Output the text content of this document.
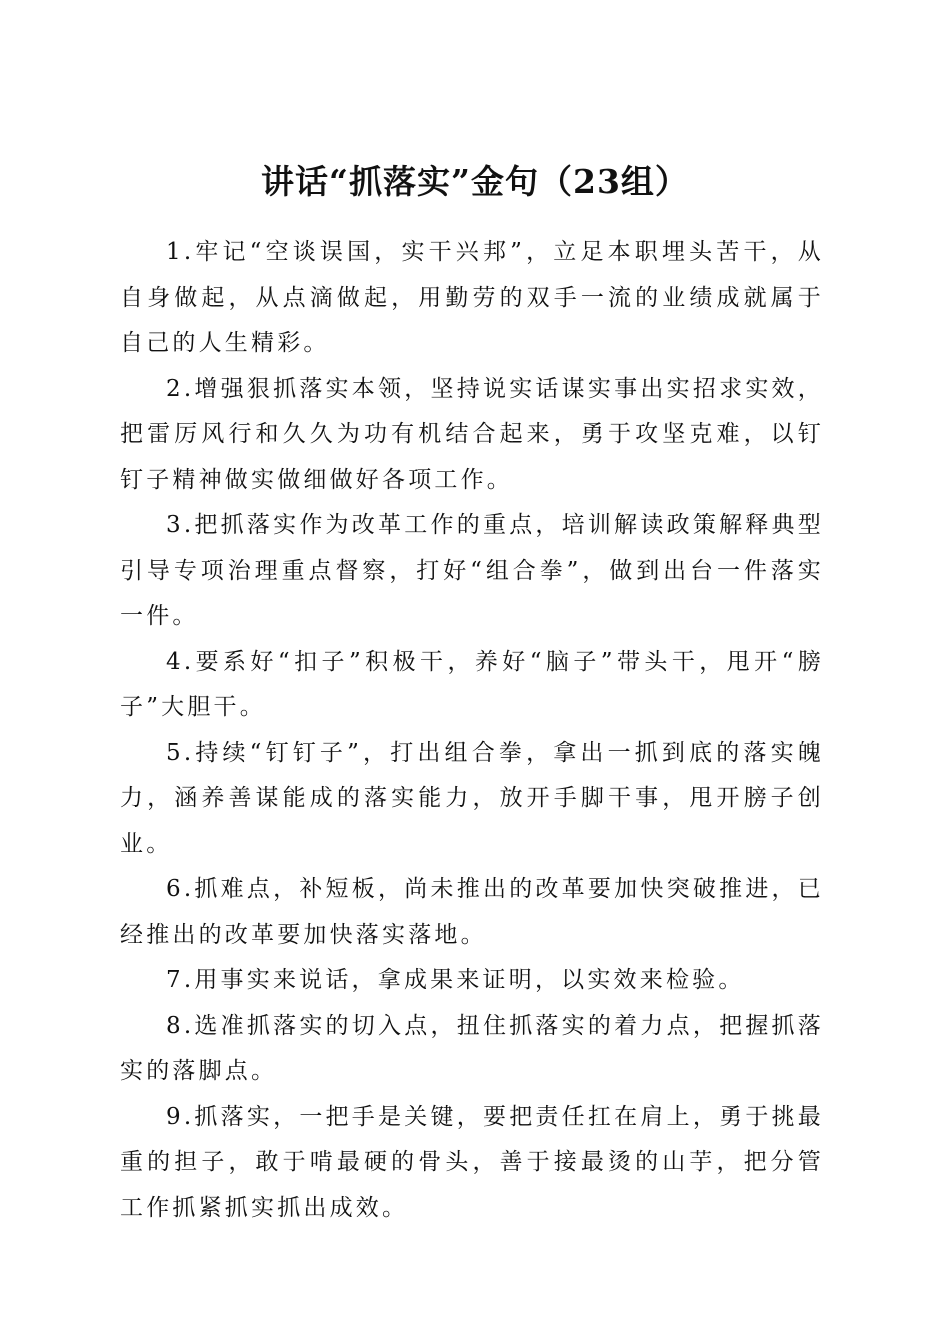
讲话“抓落实”金句（23组）

1.牢记“空谈误国，实干兴邦”，立足本职埋头苦干，从自身做起，从点滴做起，用勤劳的双手一流的业绩成就属于自己的人生精彩。

2.增强狠抓落实本领，坚持说实话谋实事出实招求实效，把雷厉风行和久久为功有机结合起来，勇于攻坚克难，以钉钉子精神做实做细做好各项工作。

3.把抓落实作为改革工作的重点，培训解读政策解释典型引导专项治理重点督察，打好“组合拳”，做到出台一件落实一件。

4.要系好“扣子”积极干，养好“脑子”带头干，甩开“膀子”大胆干。

5.持续“钉钉子”，打出组合拳，拿出一抓到底的落实魄力，涵养善谋能成的落实能力，放开手脚干事，甩开膀子创业。

6.抓难点，补短板，尚未推出的改革要加快突破推进，已经推出的改革要加快落实落地。

7.用事实来说话，拿成果来证明，以实效来检验。

8.选准抓落实的切入点，扭住抓落实的着力点，把握抓落实的落脚点。

9.抓落实，一把手是关键，要把责任扛在肩上，勇于挑最重的担子，敢于啃最硬的骨头，善于接最烫的山芋，把分管工作抓紧抓实抓出成效。
